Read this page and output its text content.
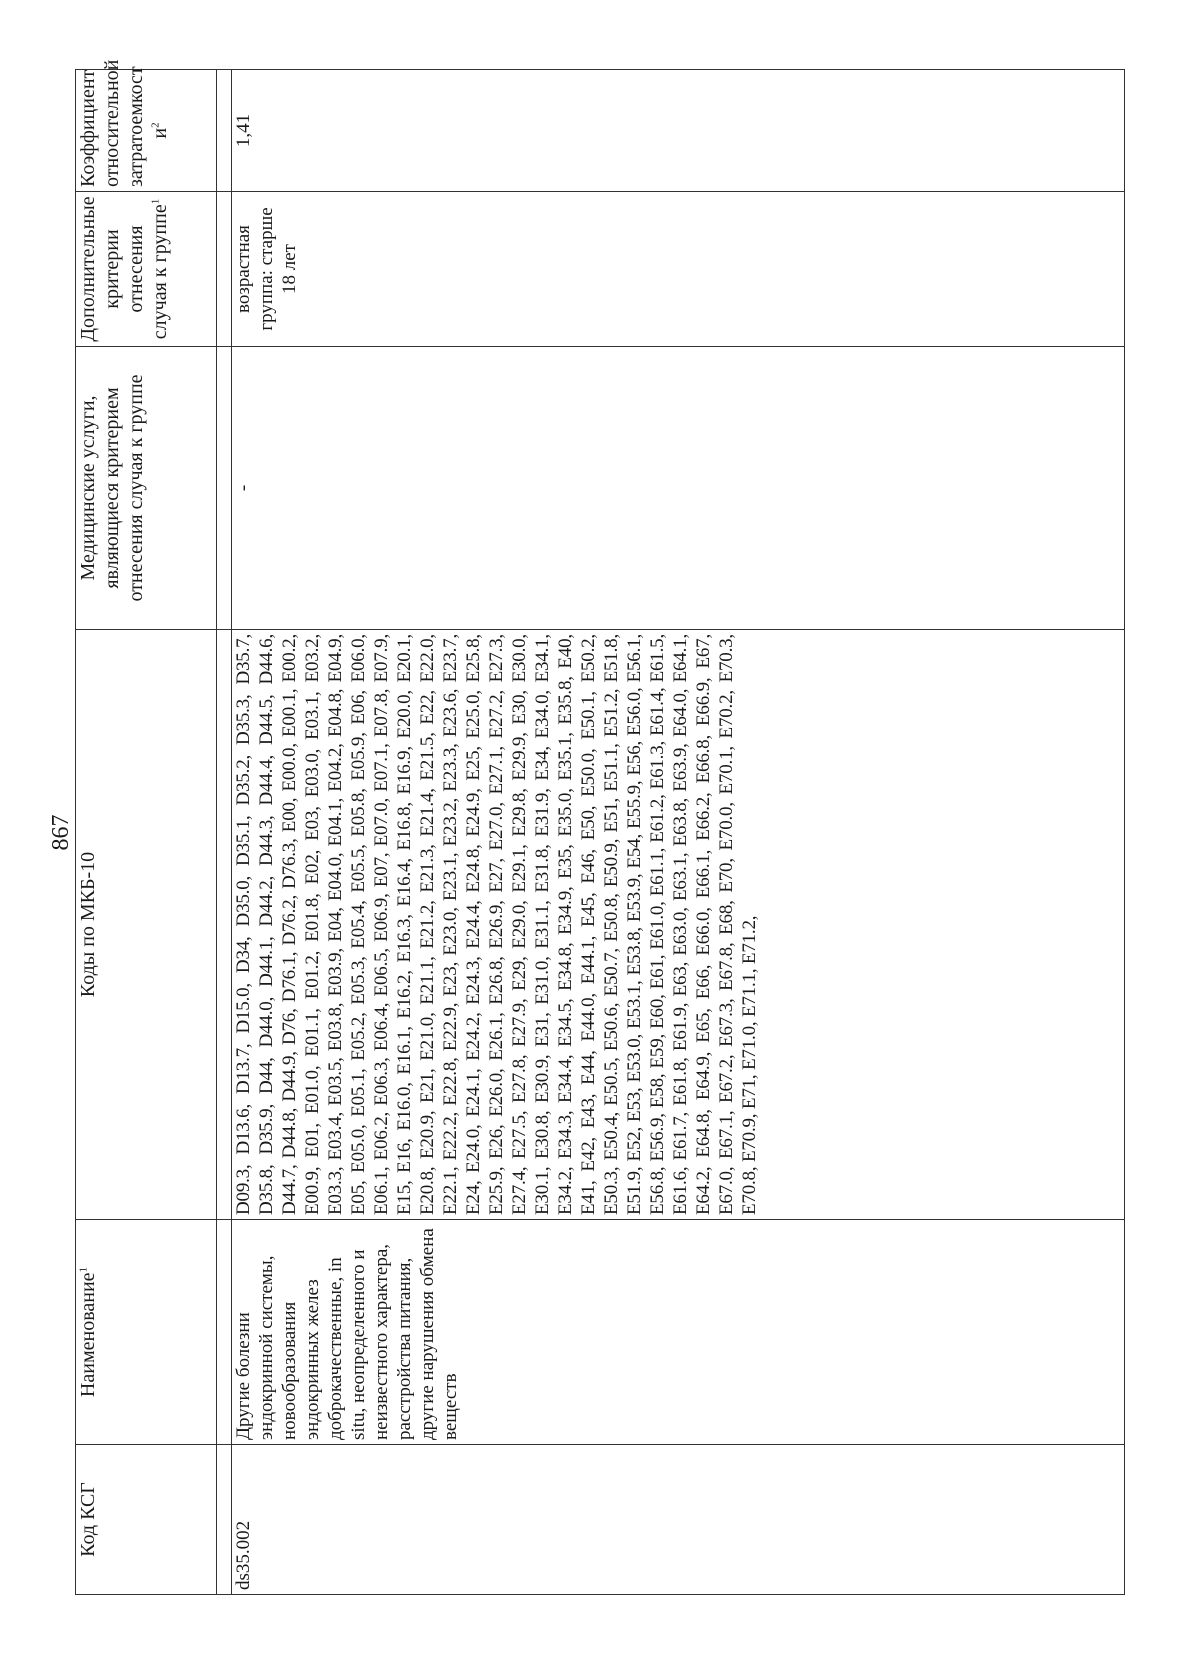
867
Код КСГ	Наименование$^1$	Коды по МКБ-10	Медицинские услуги, являющиеся критерием отнесения случая к группе	Дополнительные критерии отнесения случая к группе$^1$	Коэффициент относительной затратоемкост $и^2$

ds35.002	Другие болезни эндокринной системы, новообразования эндокринных желез доброкачественные, in situ, неопределенного и неизвестного характера, расстройства питания, другие нарушения обмена веществ	D09.3, D13.6, D13.7, D15.0, D34, D35.0, D35.1, D35.2, D35.3, D35.7, D35.8, D35.9, D44, D44.0, D44.1, D44.2, D44.3, D44.4, D44.5, D44.6, D44.7, D44.8, D44.9, D76, D76.1, D76.2, D76.3, E00, E00.0, E00.1, E00.2, E00.9, E01, E01.0, E01.1, E01.2, E01.8, E02, E03, E03.0, E03.1, E03.2, E03.3, E03.4, E03.5, E03.8, E03.9, E04, E04.0, E04.1, E04.2, E04.8, E04.9, E05, E05.0, E05.1, E05.2, E05.3, E05.4, E05.5, E05.8, E05.9, E06, E06.0, E06.1, E06.2, E06.3, E06.4, E06.5, E06.9, E07, E07.0, E07.1, E07.8, E07.9, E15, E16, E16.0, E16.1, E16.2, E16.3, E16.4, E16.8, E16.9, E20.0, E20.1, E20.8, E20.9, E21, E21.0, E21.1, E21.2, E21.3, E21.4, E21.5, E22, E22.0, E22.1, E22.2, E22.8, E22.9, E23, E23.0, E23.1, E23.2, E23.3, E23.6, E23.7, E24, E24.0, E24.1, E24.2, E24.3, E24.4, E24.8, E24.9, E25, E25.0, E25.8, E25.9, E26, E26.0, E26.1, E26.8, E26.9, E27, E27.0, E27.1, E27.2, E27.3, E27.4, E27.5, E27.8, E27.9, E29, E29.0, E29.1, E29.8, E29.9, E30, E30.0, E30.1, E30.8, E30.9, E31, E31.0, E31.1, E31.8, E31.9, E34, E34.0, E34.1, E34.2, E34.3, E34.4, E34.5, E34.8, E34.9, E35, E35.0, E35.1, E35.8, E40, E41, E42, E43, E44, E44.0, E44.1, E45, E46, E50, E50.0, E50.1, E50.2, E50.3, E50.4, E50.5, E50.6, E50.7, E50.8, E50.9, E51, E51.1, E51.2, E51.8, E51.9, E52, E53, E53.0, E53.1, E53.8, E53.9, E54, E55.9, E56, E56.0, E56.1, E56.8, E56.9, E58, E59, E60, E61, E61.0, E61.1, E61.2, E61.3, E61.4, E61.5, E61.6, E61.7, E61.8, E61.9, E63, E63.0, E63.1, E63.8, E63.9, E64.0, E64.1, E64.2, E64.8, E64.9, E65, E66, E66.0, E66.1, E66.2, E66.8, E66.9, E67, E67.0, E67.1, E67.2, E67.3, E67.8, E68, E70, E70.0, E70.1, E70.2, E70.3, E70.8, E70.9, E71, E71.0, E71.1, E71.2,	-	возрастная группа: старше 18 лет	1,41
